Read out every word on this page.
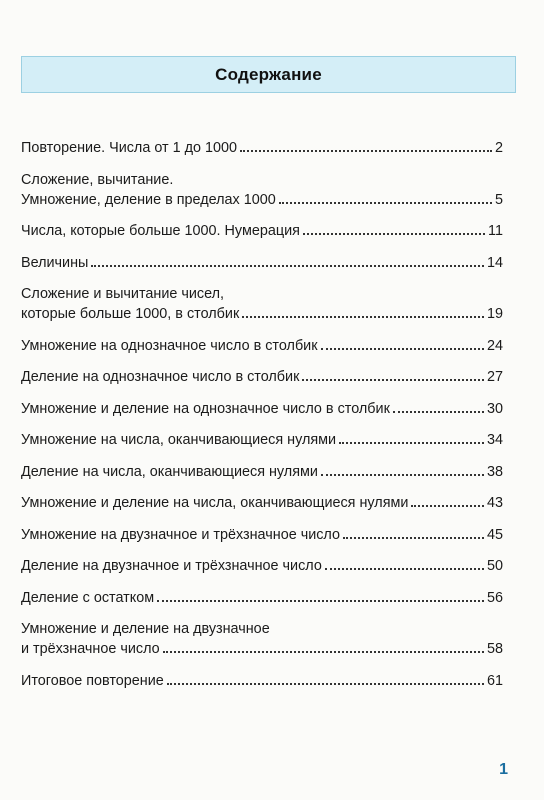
Содержание
Повторение. Числа от 1 до 1000	2
Сложение, вычитание.
Умножение, деление в пределах 1000	5
Числа, которые больше 1000. Нумерация	11
Величины	14
Сложение и вычитание чисел,
которые больше 1000, в столбик	19
Умножение на однозначное число в столбик	24
Деление на однозначное число в столбик	27
Умножение и деление на однозначное число в столбик	30
Умножение на числа, оканчивающиеся нулями	34
Деление на числа, оканчивающиеся нулями	38
Умножение и деление на числа, оканчивающиеся нулями	43
Умножение на двузначное и трёхзначное число	45
Деление на двузначное и трёхзначное число	50
Деление с остатком	56
Умножение и деление на двузначное
и трёхзначное число	58
Итоговое повторение	61
1
